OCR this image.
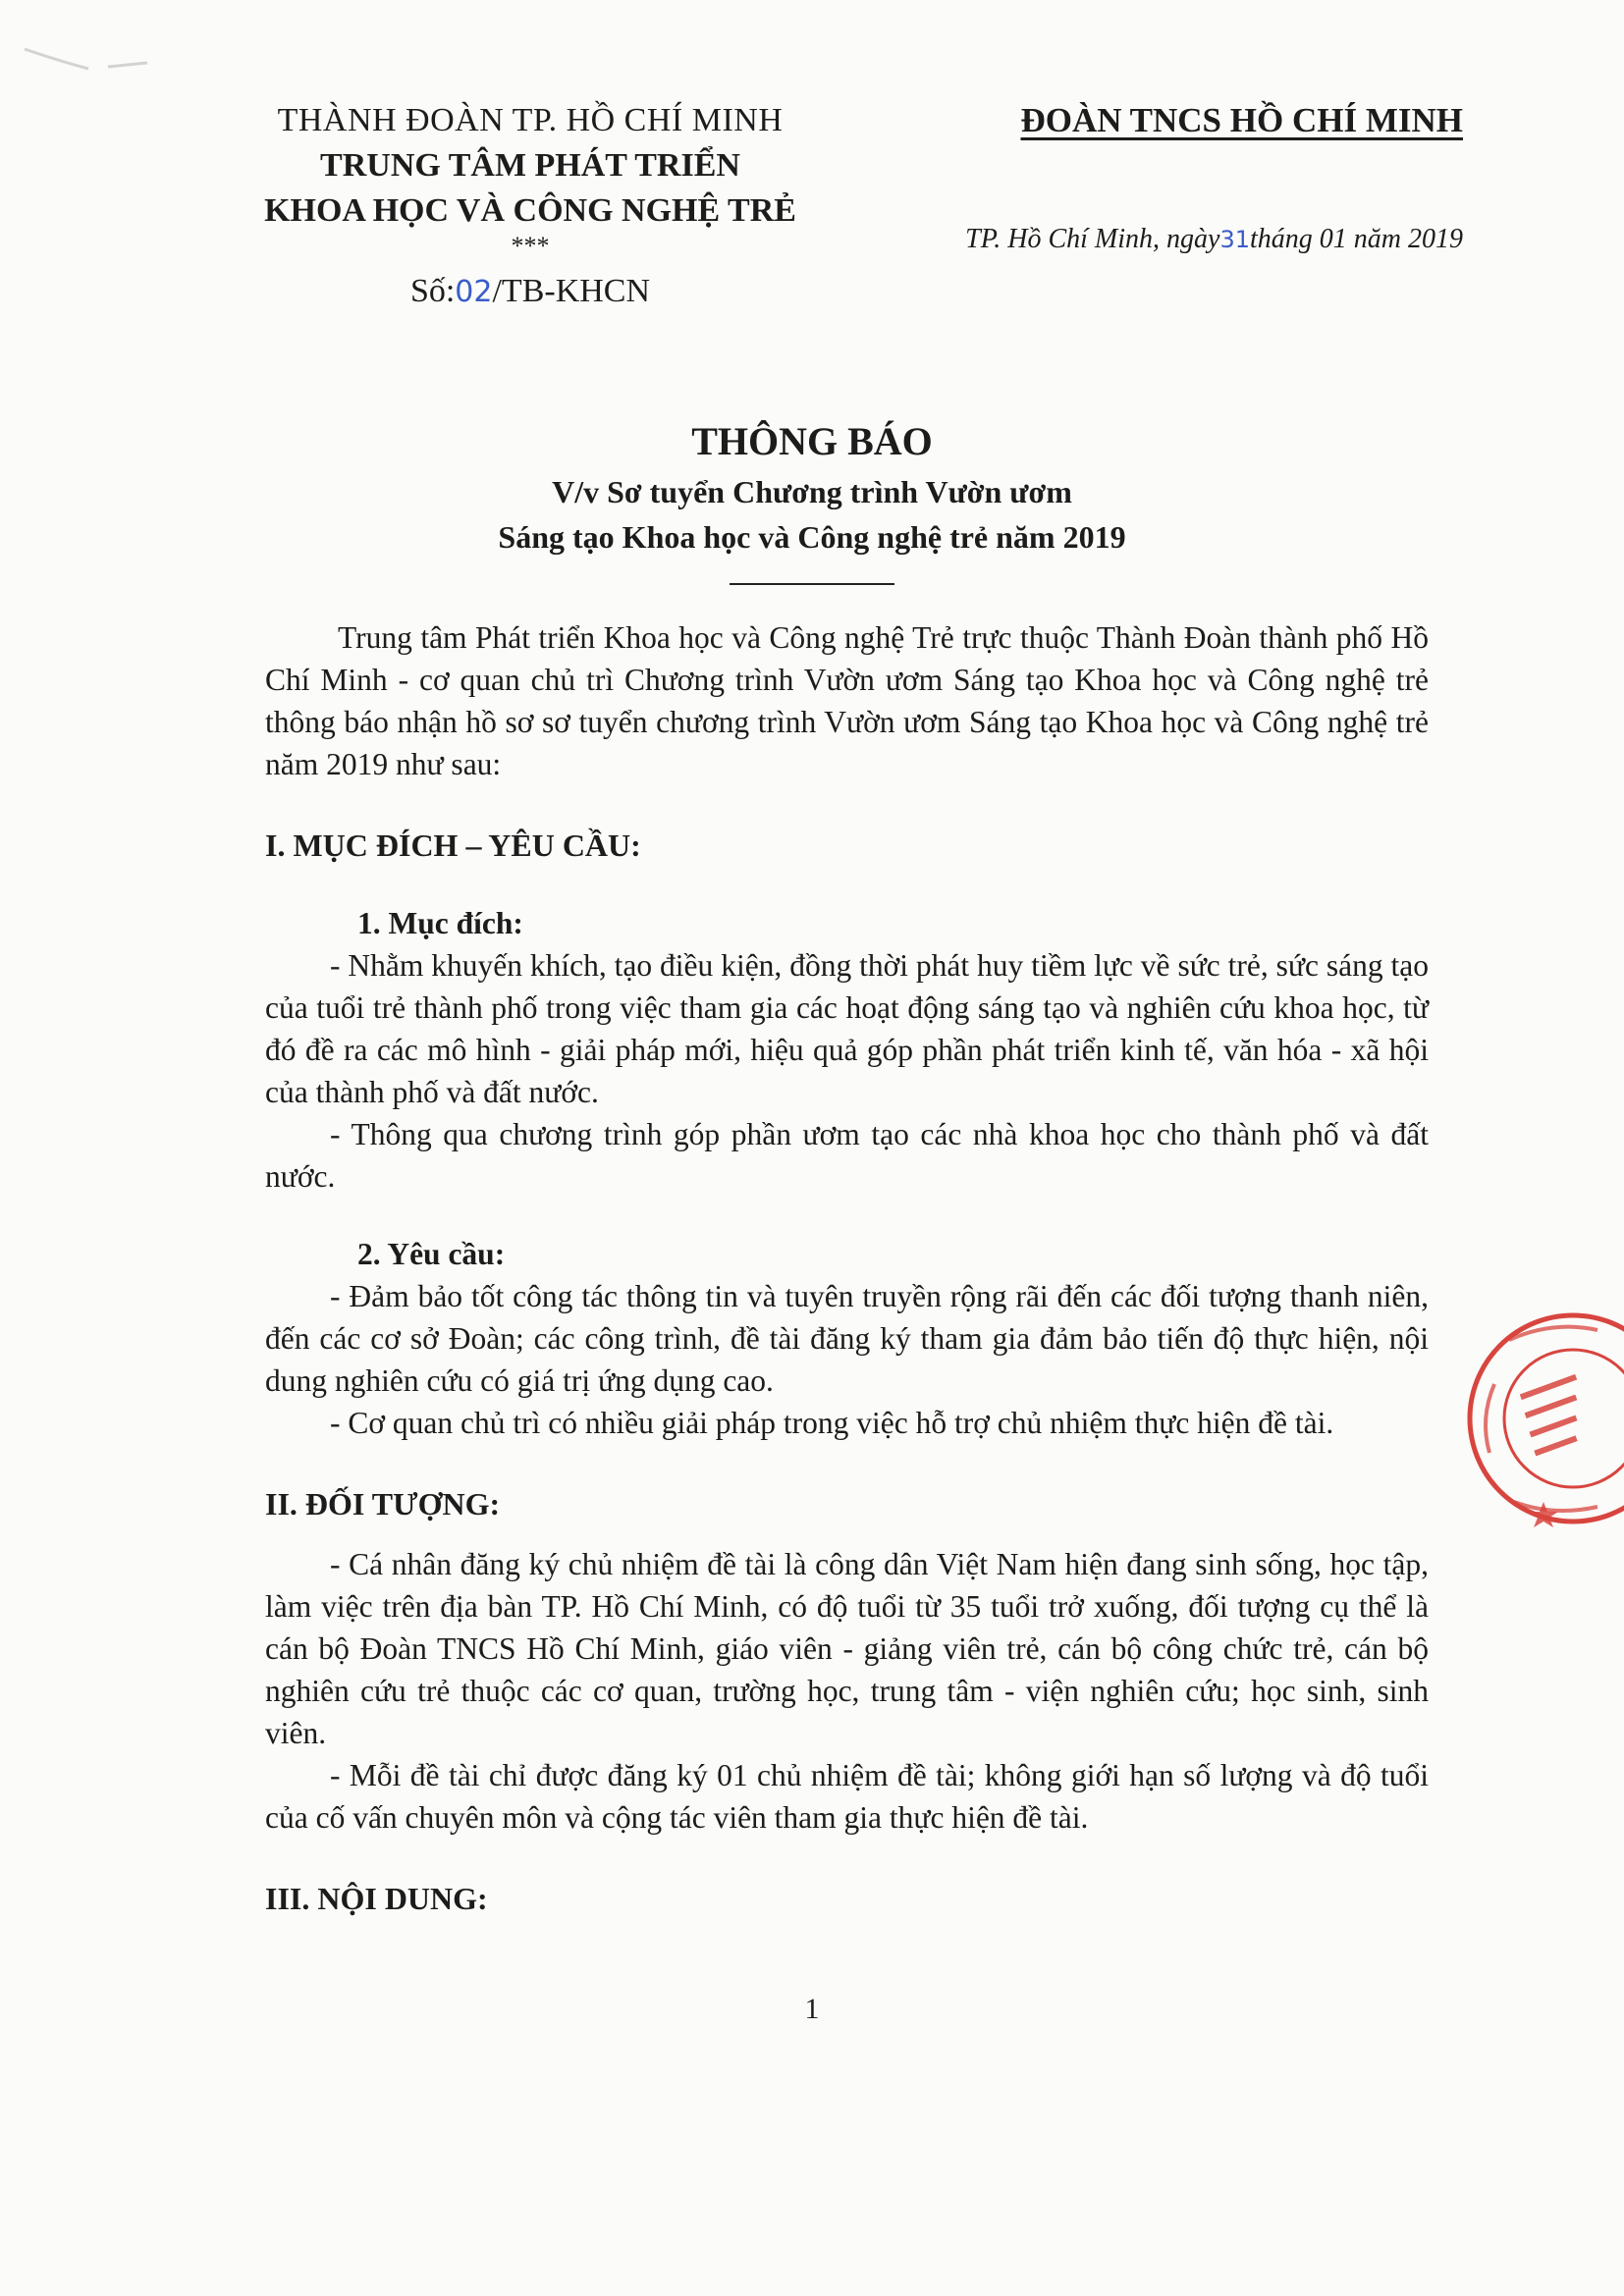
THÀNH ĐOÀN TP. HỒ CHÍ MINH
TRUNG TÂM PHÁT TRIỂN
KHOA HỌC VÀ CÔNG NGHỆ TRẺ
***
Số:02/TB-KHCN
ĐOÀN TNCS HỒ CHÍ MINH
TP. Hồ Chí Minh, ngày31tháng 01 năm 2019
THÔNG BÁO
V/v Sơ tuyển Chương trình Vườn ươm
Sáng tạo Khoa học và Công nghệ trẻ năm 2019

Trung tâm Phát triển Khoa học và Công nghệ Trẻ trực thuộc Thành Đoàn thành phố Hồ Chí Minh - cơ quan chủ trì Chương trình Vườn ươm Sáng tạo Khoa học và Công nghệ trẻ thông báo nhận hồ sơ sơ tuyển chương trình Vườn ươm Sáng tạo Khoa học và Công nghệ trẻ năm 2019 như sau:

I. MỤC ĐÍCH – YÊU CẦU:
1. Mục đích:

- Nhằm khuyến khích, tạo điều kiện, đồng thời phát huy tiềm lực về sức trẻ, sức sáng tạo của tuổi trẻ thành phố trong việc tham gia các hoạt động sáng tạo và nghiên cứu khoa học, từ đó đề ra các mô hình - giải pháp mới, hiệu quả góp phần phát triển kinh tế, văn hóa - xã hội của thành phố và đất nước.

- Thông qua chương trình góp phần ươm tạo các nhà khoa học cho thành phố và đất nước.

2. Yêu cầu:

- Đảm bảo tốt công tác thông tin và tuyên truyền rộng rãi đến các đối tượng thanh niên, đến các cơ sở Đoàn; các công trình, đề tài đăng ký tham gia đảm bảo tiến độ thực hiện, nội dung nghiên cứu có giá trị ứng dụng cao.

- Cơ quan chủ trì có nhiều giải pháp trong việc hỗ trợ chủ nhiệm thực hiện đề tài.

II. ĐỐI TƯỢNG:

- Cá nhân đăng ký chủ nhiệm đề tài là công dân Việt Nam hiện đang sinh sống, học tập, làm việc trên địa bàn TP. Hồ Chí Minh, có độ tuổi từ 35 tuổi trở xuống, đối tượng cụ thể là cán bộ Đoàn TNCS Hồ Chí Minh, giáo viên - giảng viên trẻ, cán bộ công chức trẻ, cán bộ nghiên cứu trẻ thuộc các cơ quan, trường học, trung tâm - viện nghiên cứu; học sinh, sinh viên.

- Mỗi đề tài chỉ được đăng ký 01 chủ nhiệm đề tài; không giới hạn số lượng và độ tuổi của cố vấn chuyên môn và cộng tác viên tham gia thực hiện đề tài.

III. NỘI DUNG:
1
